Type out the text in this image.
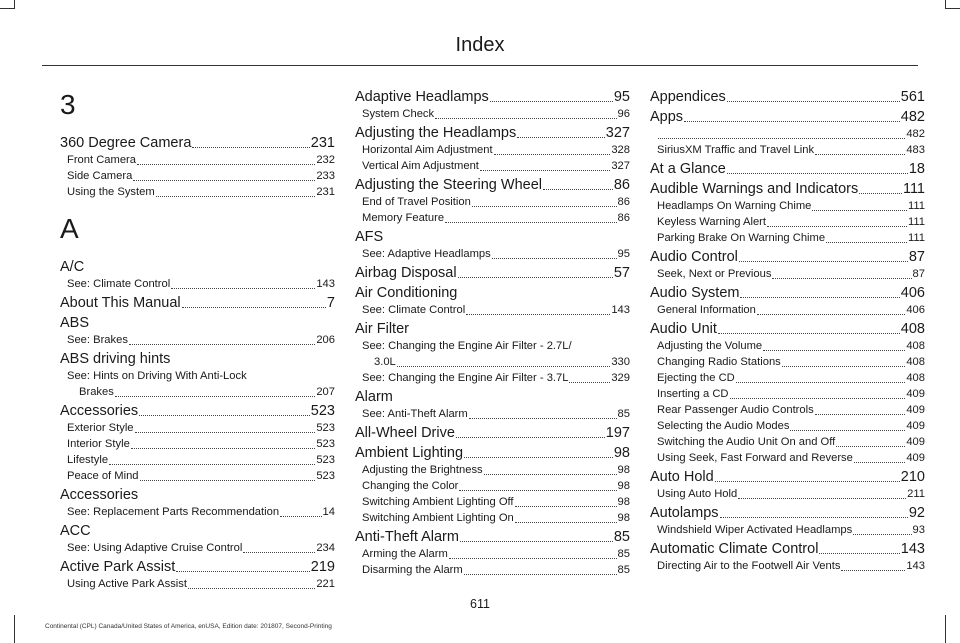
Index
3
360 Degree Camera	231
Front Camera	232
Side Camera	233
Using the System	231
A
A/C
See: Climate Control	143
About This Manual	7
ABS
See: Brakes	206
ABS driving hints
See: Hints on Driving With Anti-Lock
Brakes	207
Accessories	523
Exterior Style	523
Interior Style	523
Lifestyle	523
Peace of Mind	523
Accessories
See: Replacement Parts Recommendation	14
ACC
See: Using Adaptive Cruise Control	234
Active Park Assist	219
Using Active Park Assist	221
Adaptive Headlamps	95
System Check	96
Adjusting the Headlamps	327
Horizontal Aim Adjustment	328
Vertical Aim Adjustment	327
Adjusting the Steering Wheel	86
End of Travel Position	86
Memory Feature	86
AFS
See: Adaptive Headlamps	95
Airbag Disposal	57
Air Conditioning
See: Climate Control	143
Air Filter
See: Changing the Engine Air Filter - 2.7L/
3.0L	330
See: Changing the Engine Air Filter - 3.7L	329
Alarm
See: Anti-Theft Alarm	85
All-Wheel Drive	197
Ambient Lighting	98
Adjusting the Brightness	98
Changing the Color	98
Switching Ambient Lighting Off	98
Switching Ambient Lighting On	98
Anti-Theft Alarm	85
Arming the Alarm	85
Disarming the Alarm	85
Appendices	561
Apps	482
482
SiriusXM Traffic and Travel Link	483
At a Glance	18
Audible Warnings and Indicators	111
Headlamps On Warning Chime	111
Keyless Warning Alert	111
Parking Brake On Warning Chime	111
Audio Control	87
Seek, Next or Previous	87
Audio System	406
General Information	406
Audio Unit	408
Adjusting the Volume	408
Changing Radio Stations	408
Ejecting the CD	408
Inserting a CD	409
Rear Passenger Audio Controls	409
Selecting the Audio Modes	409
Switching the Audio Unit On and Off	409
Using Seek, Fast Forward and Reverse	409
Auto Hold	210
Using Auto Hold	211
Autolamps	92
Windshield Wiper Activated Headlamps	93
Automatic Climate Control	143
Directing Air to the Footwell Air Vents	143
611
Continental (CPL) Canada/United States of America, enUSA, Edition date: 201807, Second-Printing
